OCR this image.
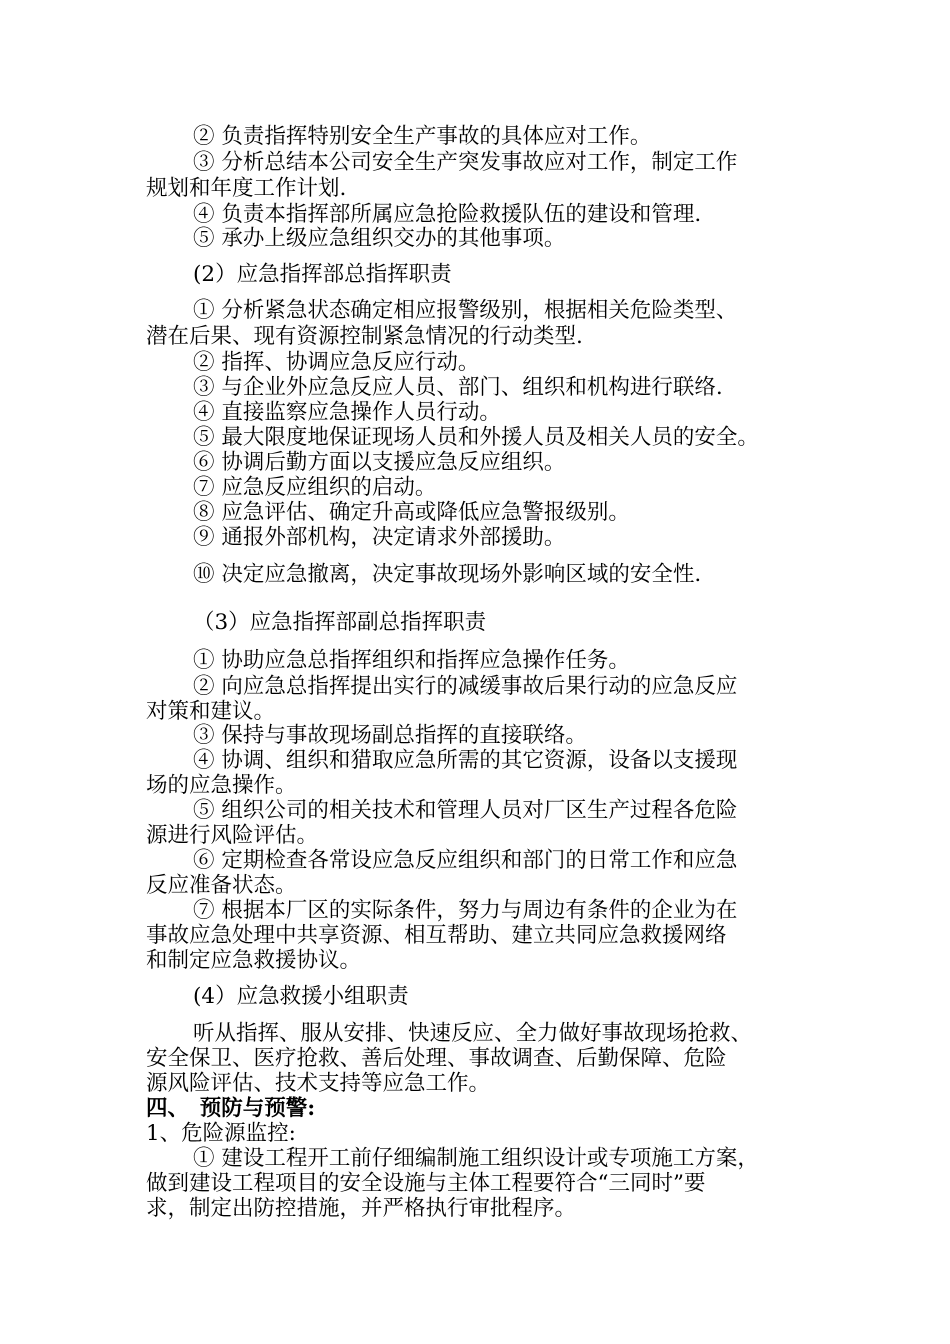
② 负责指挥特别安全生产事故的具体应对工作。
③ 分析总结本公司安全生产突发事故应对工作，制定工作
规划和年度工作计划.
④ 负责本指挥部所属应急抢险救援队伍的建设和管理.
⑤ 承办上级应急组织交办的其他事项。
(2）应急指挥部总指挥职责
① 分析紧急状态确定相应报警级别，根据相关危险类型、
潜在后果、现有资源控制紧急情况的行动类型.
② 指挥、协调应急反应行动。
③ 与企业外应急反应人员、部门、组织和机构进行联络.
④ 直接监察应急操作人员行动。
⑤ 最大限度地保证现场人员和外援人员及相关人员的安全。
⑥ 协调后勤方面以支援应急反应组织。
⑦ 应急反应组织的启动。
⑧ 应急评估、确定升高或降低应急警报级别。
⑨ 通报外部机构，决定请求外部援助。
⑩ 决定应急撤离，决定事故现场外影响区域的安全性.
（3）应急指挥部副总指挥职责
① 协助应急总指挥组织和指挥应急操作任务。
② 向应急总指挥提出实行的减缓事故后果行动的应急反应
对策和建议。
③ 保持与事故现场副总指挥的直接联络。
④ 协调、组织和猎取应急所需的其它资源，设备以支援现
场的应急操作。
⑤ 组织公司的相关技术和管理人员对厂区生产过程各危险
源进行风险评估。
⑥ 定期检查各常设应急反应组织和部门的日常工作和应急
反应准备状态。
⑦ 根据本厂区的实际条件，努力与周边有条件的企业为在
事故应急处理中共享资源、相互帮助、建立共同应急救援网络
和制定应急救援协议。
(4）应急救援小组职责
听从指挥、服从安排、快速反应、全力做好事故现场抢救、
安全保卫、医疗抢救、善后处理、事故调查、后勤保障、危险
源风险评估、技术支持等应急工作。
四、　预防与预警:
1、危险源监控:
① 建设工程开工前仔细编制施工组织设计或专项施工方案，
做到建设工程项目的安全设施与主体工程要符合“三同时”要
求，制定出防控措施，并严格执行审批程序。
